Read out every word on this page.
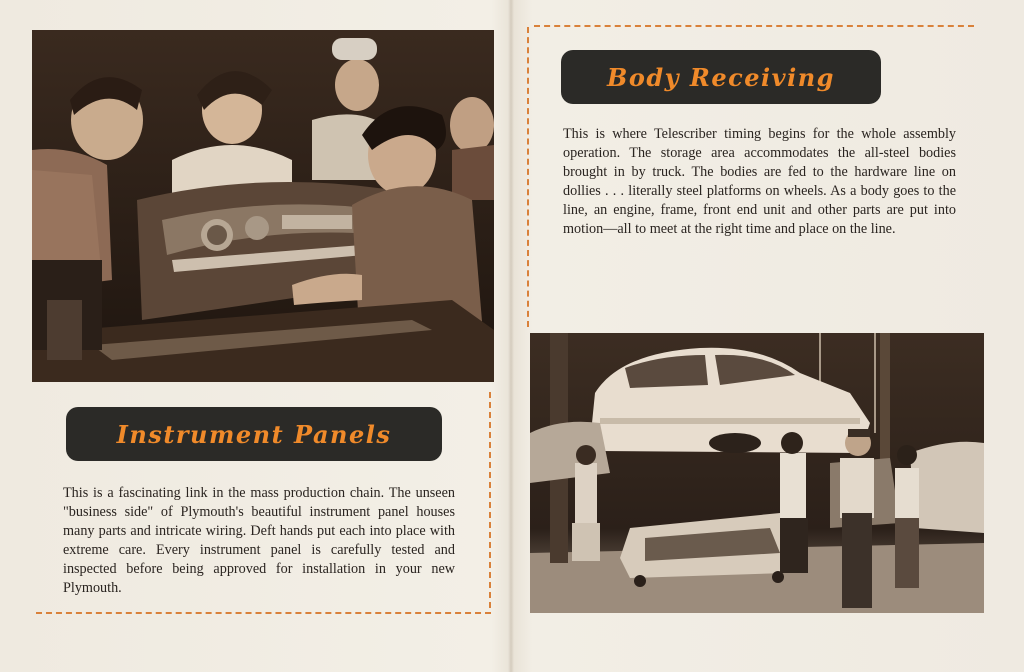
Instrument Panels
This is a fascinating link in the mass production chain. The unseen "business side" of Plymouth's beautiful instrument panel houses many parts and intricate wiring. Deft hands put each into place with extreme care. Every instrument panel is carefully tested and inspected before being approved for installation in your new Plymouth.
Body Receiving
This is where Telescriber timing begins for the whole assembly operation. The storage area accommodates the all-steel bodies brought in by truck. The bodies are fed to the hardware line on dollies . . . literally steel platforms on wheels. As a body goes to the line, an engine, frame, front end unit and other parts are put into motion—all to meet at the right time and place on the line.
